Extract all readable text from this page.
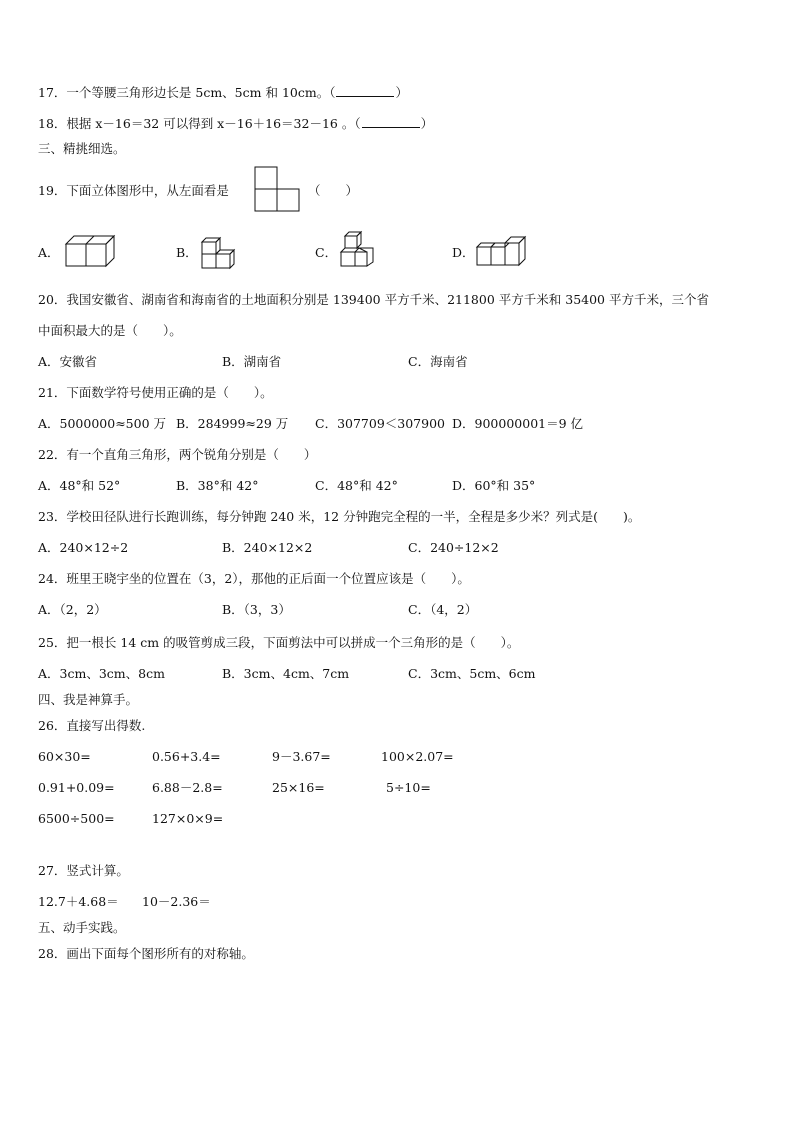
17．一个等腰三角形边长是 5cm、5cm 和 10cm。（	）
18．根据 x－16＝32 可以得到 x－16＋16＝32－16 。（	）
三、精挑细选。
19．下面立体图形中，从左面看是	（　　）
A．	B．	C．	D．
20．我国安徽省、湖南省和海南省的土地面积分别是 139400 平方千米、211800 平方千米和 35400 平方千米，三个省
中面积最大的是（　　）。
A．安徽省	B．湖南省	C．海南省
21．下面数学符号使用正确的是（　　）。
A．5000000≈500 万 B．284999≈29 万 C．307709＜307900 D．900000001＝9 亿
22．有一个直角三角形，两个锐角分别是（　　）
A．48°和 52°	B．38°和 42°	C．48°和 42°	D．60°和 35°
23．学校田径队进行长跑训练，每分钟跑 240 米，12 分钟跑完全程的一半，全程是多少米？列式是(　　)。
A．240×12÷2	B．240×12×2	C．240÷12×2
24．班里王晓宇坐的位置在（3，2），那他的正后面一个位置应该是（　　）。
A．（2，2）	B．（3，3）	C．（4，2）
25．把一根长 14 cm 的吸管剪成三段，下面剪法中可以拼成一个三角形的是（　　）。
A．3cm、3cm、8cm	B．3cm、4cm、7cm	C．3cm、5cm、6cm
四、我是神算手。
26．直接写出得数.
60×30=	0.56+3.4=	9－3.67=	100×2.07=
0.91+0.09=	6.88－2.8=	25×16=	5÷10=
6500÷500=	127×0×9=
27．竖式计算。
12.7＋4.68＝ 10－2.36＝
五、动手实践。
28．画出下面每个图形所有的对称轴。
